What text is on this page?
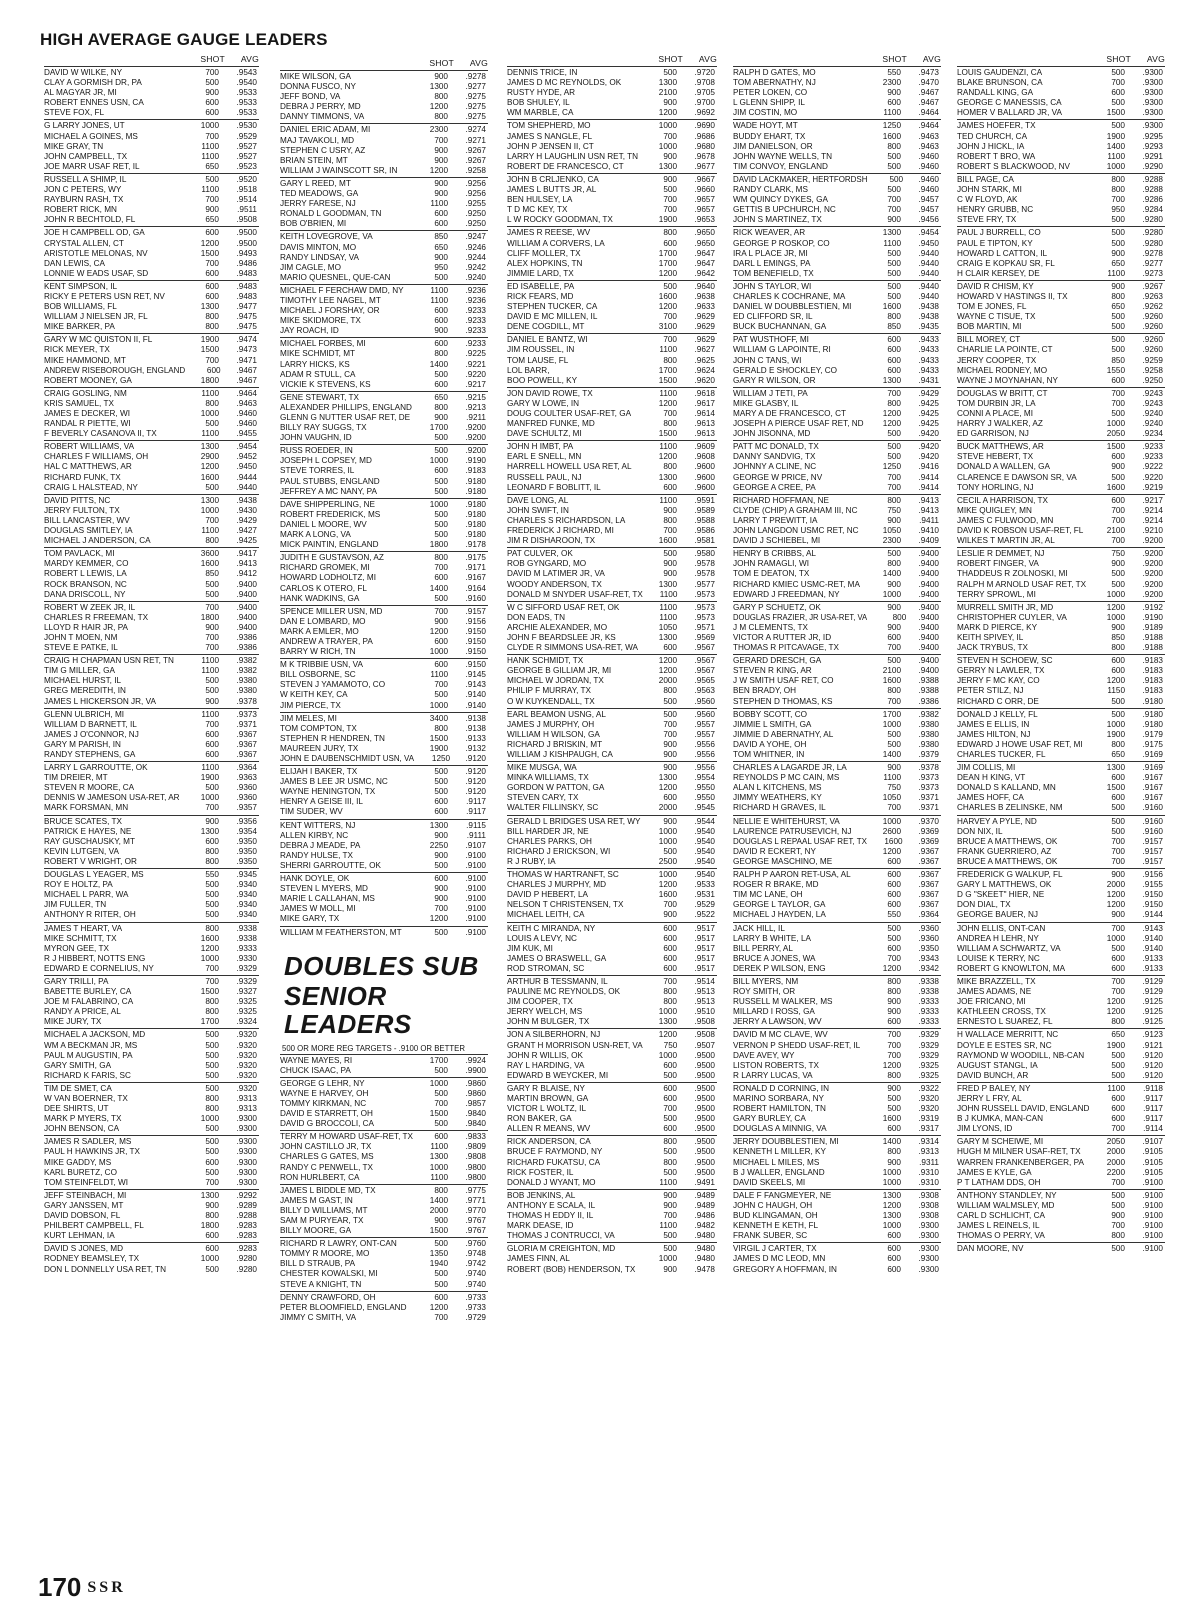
HIGH AVERAGE GAUGE LEADERS
SHOT	AVG
DAVID W WILKE, NY	700	.9543
CLAY A GORMISH DR, PA	500	.9540
AL MAGYAR JR, MI	900	.9533
ROBERT ENNES USN, CA	600	.9533
STEVE FOX, FL	600	.9533
G LARRY JONES, UT	1000	.9530
MICHAEL A GOINES, MS	700	.9529
MIKE GRAY, TN	1100	.9527
JOHN CAMPBELL, TX	1100	.9527
JOE MARR USAF RET, IL	650	.9523
RUSSELL A SHIMP, IL	500	.9520
JON C PETERS, WY	1100	.9518
RAYBURN RASH, TX	700	.9514
ROBERT RICK, MN	900	.9511
JOHN R BECHTOLD, FL	650	.9508
JOE H CAMPBELL OD, GA	600	.9500
CRYSTAL ALLEN, CT	1200	.9500
ARISTOTLE MELONAS, NV	1500	.9493
DAN LEWIS, CA	700	.9486
LONNIE W EADS USAF, SD	600	.9483
KENT SIMPSON, IL	600	.9483
RICKY E PETERS USN RET, NV	600	.9483
BOB WILLIAMS, FL	1300	.9477
WILLIAM J NIELSEN JR, FL	800	.9475
MIKE BARKER, PA	800	.9475
GARY W MC QUISTON II, FL	1900	.9474
RICK MEYER, TX	1500	.9473
MIKE HAMMOND, MT	700	.9471
ANDREW RISEBOROUGH, ENGLAND	600	.9467
ROBERT MOONEY, GA	1800	.9467
CRAIG GOSLING, NM	1100	.9464
KRIS SAMUEL, TX	800	.9463
JAMES E DECKER, WI	1000	.9460
RANDAL R PIETTE, WI	500	.9460
F BEVERLY CASANOVA II, TX	1100	.9455
ROBERT WILLIAMS, VA	1300	.9454
CHARLES F WILLIAMS, OH	2900	.9452
HAL C MATTHEWS, AR	1200	.9450
RICHARD FUNK, TX	1600	.9444
CRAIG L HALSTEAD, NY	500	.9440
DAVID PITTS, NC	1300	.9438
JERRY FULTON, TX	1000	.9430
BILL LANCASTER, WV	700	.9429
DOUGLAS SMITLEY, IA	1100	.9427
MICHAEL J ANDERSON, CA	800	.9425
TOM PAVLACK, MI	3600	.9417
MARDY KEMMER, CO	1600	.9413
ROBERT L LEWIS, LA	850	.9412
ROCK BRANSON, NC	500	.9400
DANA DRISCOLL, NY	500	.9400
ROBERT W ZEEK JR, IL	700	.9400
CHARLES R FREEMAN, TX	1800	.9400
LLOYD R HAIR JR, PA	900	.9400
JOHN T MOEN, NM	700	.9386
STEVE E PATKE, IL	700	.9386
CRAIG H CHAPMAN USN RET, TN	1100	.9382
TIM G MILLER, GA	1100	.9382
MICHAEL HURST, IL	500	.9380
GREG MEREDITH, IN	500	.9380
JAMES L HICKERSON JR, VA	900	.9378
GLENN ULBRICH, MI	1100	.9373
WILLIAM D BARNETT, IL	700	.9371
JAMES J O'CONNOR, NJ	600	.9367
GARY M PARISH, IN	600	.9367
RANDY STEPHENS, GA	600	.9367
LARRY L GARROUTTE, OK	1100	.9364
TIM DREIER, MT	1900	.9363
STEVEN R MOORE, CA	500	.9360
DENNIS W JAMESON USA-RET, AR	1000	.9360
MARK FORSMAN, MN	700	.9357
BRUCE SCATES, TX	900	.9356
PATRICK E HAYES, NE	1300	.9354
RAY GUSCHAUSKY, MT	600	.9350
KEVIN LUTGEN, VA	800	.9350
ROBERT V WRIGHT, OR	800	.9350
DOUGLAS L YEAGER, MS	550	.9345
ROY E HOLTZ, PA	500	.9340
MICHAEL L PARR, WA	500	.9340
JIM FULLER, TN	500	.9340
ANTHONY R RITER, OH	500	.9340
JAMES T HEART, VA	800	.9338
MIKE SCHMITT, TX	1600	.9338
MYRON GEE, TX	1200	.9333
R J HIBBERT, NOTTS ENG	1000	.9330
EDWARD E CORNELIUS, NY	700	.9329
GARY TRILLI, PA	700	.9329
BABETTE BURLEY, CA	1500	.9327
JOE M FALABRINO, CA	800	.9325
RANDY A PRICE, AL	800	.9325
MIKE JURY, TX	1700	.9324
MICHAEL A JACKSON, MD	500	.9320
WM A BECKMAN JR, MS	500	.9320
PAUL M AUGUSTIN, PA	500	.9320
GARY SMITH, GA	500	.9320
RICHARD K FARIS, SC	500	.9320
TIM DE SMET, CA	500	.9320
W VAN BOERNER, TX	800	.9313
DEE SHIRTS, UT	800	.9313
MARK P MYERS, TX	1000	.9300
JOHN BENSON, CA	500	.9300
JAMES R SADLER, MS	500	.9300
PAUL H HAWKINS JR, TX	500	.9300
MIKE GADDY, MS	600	.9300
KARL BURETZ, CO	500	.9300
TOM STEINFELDT, WI	700	.9300
JEFF STEINBACH, MI	1300	.9292
GARY JANSSEN, MT	900	.9289
DAVID DOBSON, FL	800	.9288
PHILBERT CAMPBELL, FL	1800	.9283
KURT LEHMAN, IA	600	.9283
DAVID S JONES, MD	600	.9283
RODNEY BEAMSLEY, TX	1000	.9280
DON L DONNELLY USA RET, TN	500	.9280
SHOT	AVG
MIKE WILSON, GA	900	.9278
DONNA FUSCO, NY	1300	.9277
JEFF BOND, VA	800	.9275
DEBRA J PERRY, MD	1200	.9275
DANNY TIMMONS, VA	800	.9275
DANIEL ERIC ADAM, MI	2300	.9274
MAJ TAVAKOLI, MD	700	.9271
STEPHEN C USRY, AZ	900	.9267
BRIAN STEIN, MT	900	.9267
WILLIAM J WAINSCOTT SR, IN	1200	.9258
GARY L REED, MT	900	.9256
TED MEADOWS, GA	900	.9256
JERRY FARESE, NJ	1100	.9255
RONALD L GOODMAN, TN	600	.9250
BOB O'BRIEN, MI	600	.9250
KEITH LOVEGROVE, VA	850	.9247
DAVIS MINTON, MO	650	.9246
RANDY LINDSAY, VA	900	.9244
JIM CAGLE, MO	950	.9242
MARIO QUESNEL, QUE-CAN	500	.9240
MICHAEL F FERCHAW DMD, NY	1100	.9236
TIMOTHY LEE NAGEL, MT	1100	.9236
MICHAEL J FORSHAY, OR	600	.9233
MIKE SKIDMORE, TX	600	.9233
JAY ROACH, ID	900	.9233
MICHAEL FORBES, MI	600	.9233
MIKE SCHMIDT, MT	800	.9225
LARRY HICKS, KS	1400	.9221
ADAM R STULL, CA	500	.9220
VICKIE K STEVENS, KS	600	.9217
GENE STEWART, TX	650	.9215
ALEXANDER PHILLIPS, ENGLAND	800	.9213
GLENN G NUTTER USAF RET, DE	900	.9211
BILLY RAY SUGGS, TX	1700	.9200
JOHN VAUGHN, ID	500	.9200
RUSS ROEDER, IN	500	.9200
JOSEPH L COPSEY, MD	1000	.9190
STEVE TORRES, IL	600	.9183
PAUL STUBBS, ENGLAND	500	.9180
JEFFREY A MC NANY, PA	500	.9180
DAVE SHIPPERLING, NE	1000	.9180
ROBERT FREDERICK, MS	500	.9180
DANIEL L MOORE, WV	500	.9180
MARK A LONG, VA	500	.9180
MICK PAINTIN, ENGLAND	1800	.9178
JUDITH E GUSTAVSON, AZ	800	.9175
RICHARD GROMEK, MI	700	.9171
HOWARD LODHOLTZ, MI	600	.9167
CARLOS K OTERO, FL	1400	.9164
HANK WADKINS, GA	500	.9160
SPENCE MILLER USN, MD	700	.9157
DAN E LOMBARD, MO	900	.9156
MARK A EMLER, MO	1200	.9150
ANDREW A TRAYER, PA	600	.9150
BARRY W RICH, TN	1000	.9150
M K TRIBBIE USN, VA	600	.9150
BILL OSBORNE, SC	1100	.9145
STEVEN J YAMAMOTO, CO	700	.9143
W KEITH KEY, CA	500	.9140
JIM PIERCE, TX	1000	.9140
JIM MELES, MI	3400	.9138
TOM COMPTON, TX	800	.9138
STEPHEN R HENDREN, TN	1500	.9133
MAUREEN JURY, TX	1900	.9132
JOHN E DAUBENSCHMIDT USN, VA	1250	.9120
ELIJAH I BAKER, TX	500	.9120
JAMES B LEE JR USMC, NC	500	.9120
WAYNE HENINGTON, TX	500	.9120
HENRY A GEISE III, IL	600	.9117
TIM SUDER, WV	600	.9117
KENT WITTERS, NJ	1300	.9115
ALLEN KIRBY, NC	900	.9111
DEBRA J MEADE, PA	2250	.9107
RANDY HULSE, TX	900	.9100
SHERRI GARROUTTE, OK	500	.9100
HANK DOYLE, OK	600	.9100
STEVEN L MYERS, MD	900	.9100
MARIE L CALLAHAN, MS	900	.9100
JAMES W MOLL, MI	700	.9100
MIKE GARY, TX	1200	.9100
WILLIAM M FEATHERSTON, MT	500	.9100
DOUBLES SUB
SENIOR LEADERS
500 OR MORE REG TARGETS - .9100 OR BETTER
WAYNE MAYES, RI	1700	.9924
CHUCK ISAAC, PA	500	.9900
GEORGE G LEHR, NY	1000	.9860
WAYNE E HARVEY, OH	500	.9860
TOMMY KIRKMAN, NC	700	.9857
DAVID E STARRETT, OH	1500	.9840
DAVID G BROCCOLI, CA	500	.9840
TERRY M HOWARD USAF-RET, TX	600	.9833
JOHN CASTILLO JR, TX	1100	.9809
CHARLES G GATES, MS	1300	.9808
RANDY C PENWELL, TX	1000	.9800
RON HURLBERT, CA	1100	.9800
JAMES L BIDDLE MD, TX	800	.9775
JAMES M GAST, IN	1400	.9771
BILLY D WILLIAMS, MT	2000	.9770
SAM M PURYEAR, TX	900	.9767
BILLY MOORE, GA	1500	.9767
RICHARD R LAWRY, ONT-CAN	500	.9760
TOMMY R MOORE, MO	1350	.9748
BILL D STRAUB, PA	1940	.9742
CHESTER KOWALSKI, MI	500	.9740
STEVE A KNIGHT, TN	500	.9740
DENNY CRAWFORD, OH	600	.9733
PETER BLOOMFIELD, ENGLAND	1200	.9733
JIMMY C SMITH, VA	700	.9729
SHOT	AVG
DENNIS TRICE, IN	500	.9720
JAMES D MC REYNOLDS, OK	1300	.9708
RUSTY HYDE, AR	2100	.9705
BOB SHULEY, IL	900	.9700
WM MARBLE, CA	1200	.9692
TOM SHEPHERD, MO	1000	.9690
JAMES S NANGLE, FL	700	.9686
JOHN P JENSEN II, CT	1000	.9680
LARRY H LAUGHLIN USN RET, TN	900	.9678
ROBERT DE FRANCESCO, CT	1300	.9677
JOHN B CRLJENKO, CA	900	.9667
JAMES L BUTTS JR, AL	500	.9660
BEN HULSEY, LA	700	.9657
T D MC KEY, TX	700	.9657
L W ROCKY GOODMAN, TX	1900	.9653
JAMES R REESE, WV	800	.9650
WILLIAM A CORVERS, LA	600	.9650
CLIFF MOLLER, TX	1700	.9647
ALEX HOPKINS, TN	1700	.9647
JIMMIE LARD, TX	1200	.9642
ED ISABELLE, PA	500	.9640
RICK FEARS, MD	1600	.9638
STEPHEN TUCKER, CA	1200	.9633
DAVID E MC MILLEN, IL	700	.9629
DENE COGDILL, MT	3100	.9629
DANIEL E BANTZ, WI	700	.9629
JIM ROUSSEL, IN	1100	.9627
TOM LAUSE, FL	800	.9625
LOL BARR,	1700	.9624
BOO POWELL, KY	1500	.9620
JON DAVID ROWE, TX	1100	.9618
GARY W LOWE, IN	1200	.9617
DOUG COULTER USAF-RET, GA	700	.9614
MANFRED FUNKE, MD	800	.9613
DAVE SCHULTZ, MI	1500	.9613
JOHN H IMBT, PA	1100	.9609
EARL E SNELL, MN	1200	.9608
HARRELL HOWELL USA RET, AL	800	.9600
RUSSELL PAUL, NJ	1300	.9600
LEONARD F BOBLITT, IL	600	.9600
DAVE LONG, AL	1100	.9591
JOHN SWIFT, IN	900	.9589
CHARLES S RICHARDSON, LA	800	.9588
FREDERICK J RICHARD, MI	700	.9586
JIM R DISHAROON, TX	1600	.9581
PAT CULVER, OK	500	.9580
ROB GYNGARD, MO	900	.9578
DAVID M LATIMER JR, VA	900	.9578
WOODY ANDERSON, TX	1300	.9577
DONALD M SNYDER USAF-RET, TX	1100	.9573
W C SIFFORD USAF RET, OK	1100	.9573
DON EADS, TN	1100	.9573
ARCHIE ALEXANDER, MO	1050	.9571
JOHN F BEARDSLEE JR, KS	1300	.9569
CLYDE R SIMMONS USA-RET, WA	600	.9567
HANK SCHMIDT, TX	1200	.9567
GEORGE B GILLIAM JR, MI	1200	.9567
MICHAEL W JORDAN, TX	2000	.9565
PHILIP F MURRAY, TX	800	.9563
O W KUYKENDALL, TX	500	.9560
EARL BEAMON USNG, AL	500	.9560
JAMES J MURPHY, OH	700	.9557
WILLIAM H WILSON, GA	700	.9557
RICHARD J BRISKIN, MT	900	.9556
WILLIAM J KISHPAUGH, CA	900	.9556
MIKE MUSGA, WA	900	.9556
MINKA WILLIAMS, TX	1300	.9554
GORDON W PATTON, GA	1200	.9550
STEVEN CARY, TX	600	.9550
WALTER FILLINSKY, SC	2000	.9545
GERALD L BRIDGES USA RET, WY	900	.9544
BILL HARDER JR, NE	1000	.9540
CHARLES PARKS, OH	1000	.9540
RICHARD J ERICKSON, WI	500	.9540
R J RUBY, IA	2500	.9540
THOMAS W HARTRANFT, SC	1000	.9540
CHARLES J MURPHY, MD	1200	.9533
DAVID P HEBERT, LA	1600	.9531
NELSON T CHRISTENSEN, TX	700	.9529
MICHAEL LEITH, CA	900	.9522
KEITH C MIRANDA, NY	600	.9517
LOUIS A LEVY, NC	600	.9517
JIM KUK, MI	600	.9517
JAMES O BRASWELL, GA	600	.9517
ROD STROMAN, SC	600	.9517
ARTHUR B TESSMANN, IL	700	.9514
PAULINE MC REYNOLDS, OK	800	.9513
JIM COOPER, TX	800	.9513
JERRY WELCH, MS	1000	.9510
JOHN M BULGER, TX	1300	.9508
JON A SILBERHORN, NJ	1200	.9508
GRANT H MORRISON USN-RET, VA	750	.9507
JOHN R WILLIS, OK	1000	.9500
RAY L HARDING, VA	600	.9500
EDWARD B WEYCKER, MI	500	.9500
GARY R BLAISE, NY	600	.9500
MARTIN BROWN, GA	600	.9500
VICTOR L WOLTZ, IL	700	.9500
RON BAKER, GA	500	.9500
ALLEN R MEANS, WV	600	.9500
RICK ANDERSON, CA	800	.9500
BRUCE F RAYMOND, NY	500	.9500
RICHARD FUKATSU, CA	800	.9500
RICK FOSTER, IL	500	.9500
DONALD J WYANT, MO	1100	.9491
BOB JENKINS, AL	900	.9489
ANTHONY E SCALA, IL	900	.9489
THOMAS H EDDY II, IL	700	.9486
MARK DEASE, ID	1100	.9482
THOMAS J CONTRUCCI, VA	500	.9480
GLORIA M CREIGHTON, MD	500	.9480
JAMES FINN, AL	1000	.9480
ROBERT (BOB) HENDERSON, TX	900	.9478
SHOT	AVG
RALPH D GATES, MO	550	.9473
TOM ABERNATHY, NJ	2300	.9470
PETER LOKEN, CO	900	.9467
L GLENN SHIPP, IL	600	.9467
JIM COSTIN, MO	1100	.9464
WADE HOYT, MT	1250	.9464
BUDDY EHART, TX	1600	.9463
JIM DANIELSON, OR	800	.9463
JOHN WAYNE WELLS, TN	500	.9460
TIM CONVOY, ENGLAND	500	.9460
DAVID LACKMAKER, HERTFORDSH	500	.9460
RANDY CLARK, MS	500	.9460
WM QUINCY DYKES, GA	700	.9457
GETTIS B UPCHURCH, NC	700	.9457
JOHN S MARTINEZ, TX	900	.9456
RICK WEAVER, AR	1300	.9454
GEORGE P ROSKOP, CO	1100	.9450
IRA L PLACE JR, MI	500	.9440
DARL L EMINGS, PA	500	.9440
TOM BENEFIELD, TX	500	.9440
JOHN S TAYLOR, WI	500	.9440
CHARLES K COCHRANE, MA	500	.9440
DANIEL W DOUBBLESTIEN, MI	1600	.9438
ED CLIFFORD SR, IL	800	.9438
BUCK BUCHANNAN, GA	850	.9435
PAT WUSTHOFF, MI	600	.9433
WILLIAM G LAPOINTE, RI	600	.9433
JOHN C TANS, WI	600	.9433
GERALD E SHOCKLEY, CO	600	.9433
GARY R WILSON, OR	1300	.9431
WILLIAM J TETI, PA	700	.9429
MIKE GLASBY, IL	800	.9425
MARY A DE FRANCESCO, CT	1200	.9425
JOSEPH A PIERCE USAF RET, ND	1200	.9425
JOHN JISONNA, MD	500	.9420
PATT MC DONALD, TX	500	.9420
DANNY SANDVIG, TX	500	.9420
JOHNNY A CLINE, NC	1250	.9416
GEORGE W PRICE, NV	700	.9414
GEORGE A CREE, PA	700	.9414
RICHARD HOFFMAN, NE	800	.9413
CLYDE (CHIP) A GRAHAM III, NC	750	.9413
LARRY T PREWITT, IA	900	.9411
JOHN LANGDON USMC RET, NC	1050	.9410
DAVID J SCHIEBEL, MI	2300	.9409
HENRY B CRIBBS, AL	500	.9400
JOHN RAMAGLI, WI	800	.9400
TOM E DEATON, TX	1400	.9400
RICHARD KMIEC USMC-RET, MA	900	.9400
EDWARD J FREEDMAN, NY	1000	.9400
GARY P SCHUETZ, OK	900	.9400
DOUGLAS FRAZIER, JR USA-RET, VA	800	.9400
J M CLEMENTS, TX	900	.9400
VICTOR A RUTTER JR, ID	600	.9400
THOMAS R PITCAVAGE, TX	700	.9400
GERARD DRESCH, GA	500	.9400
STEVEN R KING, AR	2100	.9400
J W SMITH USAF RET, CO	1600	.9388
BEN BRADY, OH	800	.9388
STEPHEN D THOMAS, KS	700	.9386
BOBBY SCOTT, CO	1700	.9382
JIMMIE L SMITH, GA	1000	.9380
JIMMIE D ABERNATHY, AL	500	.9380
DAVID A YOHE, OH	500	.9380
TOM WHITNER, IN	1400	.9379
CHARLES A LAGARDE JR, LA	900	.9378
REYNOLDS P MC CAIN, MS	1100	.9373
ALAN L KITCHENS, MS	750	.9373
JIMMY WEATHERS, KY	1050	.9371
RICHARD H GRAVES, IL	700	.9371
NELLIE E WHITEHURST, VA	1000	.9370
LAURENCE PATRUSEVICH, NJ	2600	.9369
DOUGLAS L REPAAL USAF RET, TX	1600	.9369
DAVID R ECKERT, NY	1200	.9367
GEORGE MASCHINO, ME	600	.9367
RALPH P AARON RET-USA, AL	600	.9367
ROGER R BRAKE, MD	600	.9367
TIM MC LANE, OH	600	.9367
GEORGE L TAYLOR, GA	600	.9367
MICHAEL J HAYDEN, LA	550	.9364
JACK HILL, IL	500	.9360
LARRY B WHITE, LA	500	.9360
BILL PERRY, AL	600	.9350
BRUCE A JONES, WA	700	.9343
DEREK P WILSON, ENG	1200	.9342
BILL MYERS, NM	800	.9338
ROY SMITH, OR	800	.9338
RUSSELL M WALKER, MS	900	.9333
MILLARD I ROSS, GA	900	.9333
JERRY A LAWSON, WV	600	.9333
DAVID M MC CLAVE, WV	700	.9329
VERNON P SHEDD USAF-RET, IL	700	.9329
DAVE AVEY, WY	700	.9329
LISTON ROBERTS, TX	1200	.9325
R LARRY LUCAS, VA	800	.9325
RONALD D CORNING, IN	900	.9322
MARINO SORBARA, NY	500	.9320
ROBERT HAMILTON, TN	500	.9320
GARY BURLEY, CA	1600	.9319
DOUGLAS A MINNIG, VA	600	.9317
JERRY DOUBBLESTIEN, MI	1400	.9314
KENNETH L MILLER, KY	800	.9313
MICHAEL L MILES, MS	900	.9311
B J WALLER, ENGLAND	1000	.9310
DAVID SKEELS, MI	1000	.9310
DALE F FANGMEYER, NE	1300	.9308
JOHN C HAUGH, OH	1200	.9308
BUD KLINGAMAN, OH	1300	.9308
KENNETH E KETH, FL	1000	.9300
FRANK SUBER, SC	600	.9300
VIRGIL J CARTER, TX	600	.9300
JAMES D MC LEOD, MN	600	.9300
GREGORY A HOFFMAN, IN	600	.9300
SHOT	AVG
LOUIS GAUDENZI, CA	500	.9300
BLAKE BRUNSON, CA	700	.9300
RANDALL KING, GA	600	.9300
GEORGE C MANESSIS, CA	500	.9300
HOMER V BALLARD JR, VA	1500	.9300
JAMES HOEFER, TX	500	.9300
TED CHURCH, CA	1900	.9295
JOHN J HICKL, IA	1400	.9293
ROBERT T BRO, WA	1100	.9291
ROBERT S BLACKWOOD, NV	1000	.9290
BILL PAGE, CA	800	.9288
JOHN STARK, MI	800	.9288
C W FLOYD, AK	700	.9286
HENRY GRUBB, NC	950	.9284
STEVE FRY, TX	500	.9280
PAUL J BURRELL, CO	500	.9280
PAUL E TIPTON, KY	500	.9280
HOWARD L CATTON, IL	900	.9278
CRAIG E KOPKAU SR, FL	650	.9277
H CLAIR KERSEY, DE	1100	.9273
DAVID R CHISM, KY	900	.9267
HOWARD V HASTINGS II, TX	800	.9263
TOM E JONES, FL	650	.9262
WAYNE C TISUE, TX	500	.9260
BOB MARTIN, MI	500	.9260
BILL MOREY, CT	500	.9260
CHARLIE LA POINTE, CT	500	.9260
JERRY COOPER, TX	850	.9259
MICHAEL RODNEY, MO	1550	.9258
WAYNE J MOYNAHAN, NY	600	.9250
DOUGLAS W BRITT, CT	700	.9243
TOM DURBIN JR, LA	700	.9243
CONNI A PLACE, MI	500	.9240
HARRY J WALKER, AZ	1000	.9240
ED GARRISON, NJ	2050	.9234
BUCK MATTHEWS, AR	1500	.9233
STEVE HEBERT, TX	600	.9233
DONALD A WALLEN, GA	900	.9222
CLARENCE E DAWSON SR, VA	500	.9220
TONY HORLING, NJ	1600	.9219
CECIL A HARRISON, TX	600	.9217
MIKE QUIGLEY, MN	700	.9214
JAMES C FULWOOD, MN	700	.9214
DAVID K ROBSON USAF-RET, FL	2100	.9210
WILKES T MARTIN JR, AL	700	.9200
LESLIE R DEMMET, NJ	750	.9200
ROBERT FINGER, VA	900	.9200
THADDEUS R ZOLNOSKI, MI	500	.9200
RALPH M ARNOLD USAF RET, TX	500	.9200
TERRY SPROWL, MI	1000	.9200
MURRELL SMITH JR, MD	1200	.9192
CHRISTOPHER CUYLER, VA	1000	.9190
MARK D PIERCE, KY	900	.9189
KEITH SPIVEY, IL	850	.9188
JACK TRYBUS, TX	800	.9188
STEVEN H SCHOEW, SC	600	.9183
GERRY N LAWLER, TX	600	.9183
JERRY F MC KAY, CO	1200	.9183
PETER STILZ, NJ	1150	.9183
RICHARD C ORR, DE	500	.9180
DONALD J KELLY, FL	500	.9180
JAMES E ELLIS, IN	1000	.9180
JAMES HILTON, NJ	1900	.9179
EDWARD J HOWE USAF RET, MI	800	.9175
CHARLES TUCKER, FL	650	.9169
JIM COLLIS, MI	1300	.9169
DEAN H KING, VT	600	.9167
DONALD S KALLAND, MN	1500	.9167
JAMES HOFF, CA	600	.9167
CHARLES B ZELINSKE, NM	500	.9160
HARVEY A PYLE, ND	500	.9160
DON NIX, IL	500	.9160
BRUCE A MATTHEWS, OK	700	.9157
FRANK GUERRIERO, AZ	700	.9157
BRUCE A MATTHEWS, OK	700	.9157
FREDERICK G WALKUP, FL	900	.9156
GARY L MATTHEWS, OK	2000	.9155
D G "SKEET" HIER, NE	1200	.9150
DON DIAL, TX	1200	.9150
GEORGE BAUER, NJ	900	.9144
JOHN ELLIS, ONT-CAN	700	.9143
ANDREA H LEHR, NY	1000	.9140
WILLIAM A SCHWARTZ, VA	500	.9140
LOUISE K TERRY, NC	600	.9133
ROBERT G KNOWLTON, MA	600	.9133
MIKE BRAZZELL, TX	700	.9129
JAMES ADAMS, NE	700	.9129
JOE FRICANO, MI	1200	.9125
KATHLEEN CROSS, TX	1200	.9125
ERNESTO L SUAREZ, FL	800	.9125
H WALLACE MERRITT, NC	650	.9123
DOYLE E ESTES SR, NC	1900	.9121
RAYMOND W WOODILL, NB-CAN	500	.9120
AUGUST STANGL, IA	500	.9120
DAVID BUNCH, AR	500	.9120
FRED P BALEY, NY	1100	.9118
JERRY L FRY, AL	600	.9117
JOHN RUSSELL DAVID, ENGLAND	600	.9117
B J KUMKA, MAN-CAN	600	.9117
JIM LYONS, ID	700	.9114
GARY M SCHEIWE, MI	2050	.9107
HUGH M MILNER USAF-RET, TX	2000	.9105
WARREN FRANKENBERGER, PA	2000	.9105
JAMES E KYLE, GA	2200	.9105
P T LATHAM DDS, OH	700	.9100
ANTHONY STANDLEY, NY	500	.9100
WILLIAM WALMSLEY, MD	500	.9100
CARL D SCHLICHT, CA	900	.9100
JAMES L REINELS, IL	700	.9100
THOMAS O PERRY, VA	800	.9100
DAN MOORE, NV	500	.9100
170 SSR
